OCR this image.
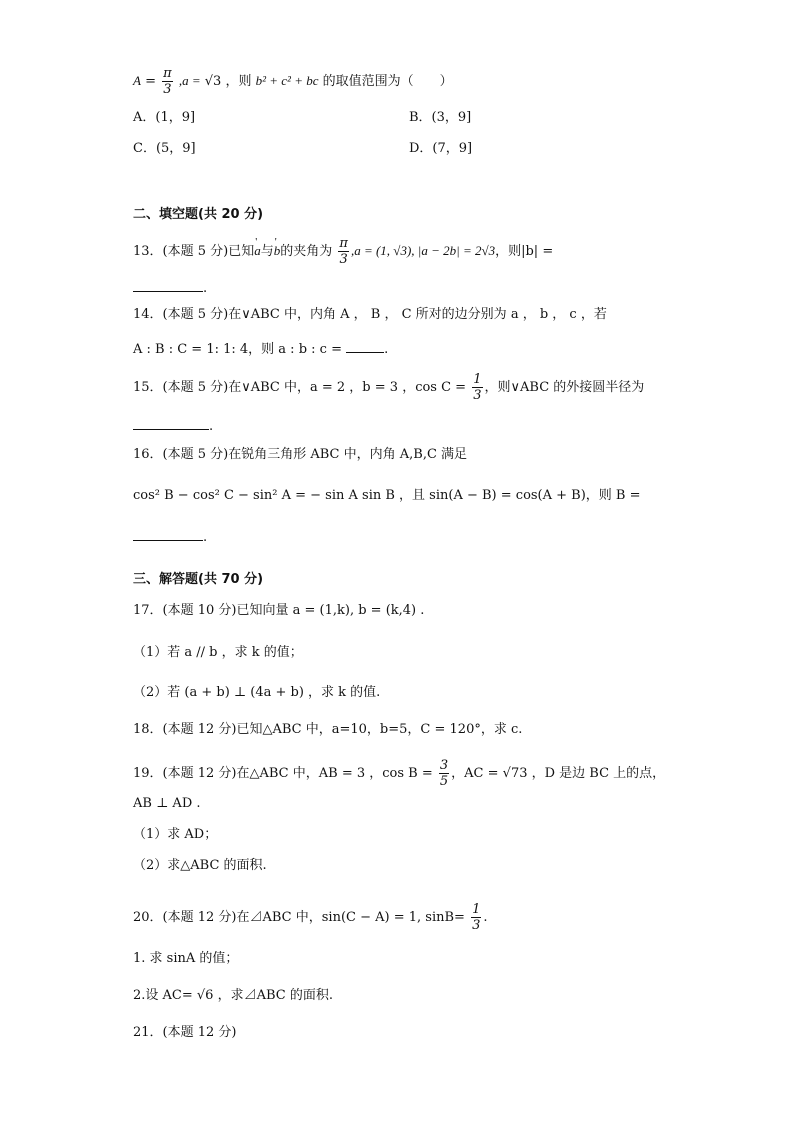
$A = \frac{\pi}{3} ,a = √3$ ，则 b² + c² + bc 的取值范围为（　　）
A．(1，9]	B．(3，9]
C．(5，9]	D．(7，9]
二、填空题(共 20 分)
13．(本题 5 分)已知' a与' b的夹角为 $\frac{\pi}{3} ,a = (1$, √3), |a − 2b| = 2√3，则|b| =
.
14．(本题 5 分)在∨ABC 中，内角 A ， B ， C 所对的边分别为 a ， b ， c ，若
A : B : C = 1: 1: 4，则 a : b : c =	.
15．(本题 5 分)在∨ABC 中，a = 2 ，b = 3 ，$\cos C = \frac{1}{3}$ ，则∨ABC 的外接圆半径为
.
16．(本题 5 分)在锐角三角形 ABC 中，内角 A,B,C 满足
cos² B − cos² C − sin² A = − sin A sin B ，且 sin(A − B) = cos(A + B)，则 B =
.
三、解答题(共 70 分)
17．(本题 10 分)已知向量 a = (1,k), b = (k,4) .
（1）若 a // b ，求 k 的值；
（2）若 (a + b) ⊥ (4a + b) ，求 k 的值.
18．(本题 12 分)已知△ABC 中，a=10，b=5，C = 120°，求 c.
19．(本题 12 分)在△ABC 中，AB = 3 ，$\cos B = \frac{3}{5}$ ，AC = √73 ，D 是边 BC 上的点，
AB ⊥ AD .
（1）求 AD；
（2）求△ABC 的面积.
20．(本题 12 分)在⊿ABC 中，sin(C − A) = 1, $\sin B= \frac{1}{3}$ .
1. 求 sinA 的值；
2.设 AC= √6 ，求⊿ABC 的面积.
21．(本题 12 分)
